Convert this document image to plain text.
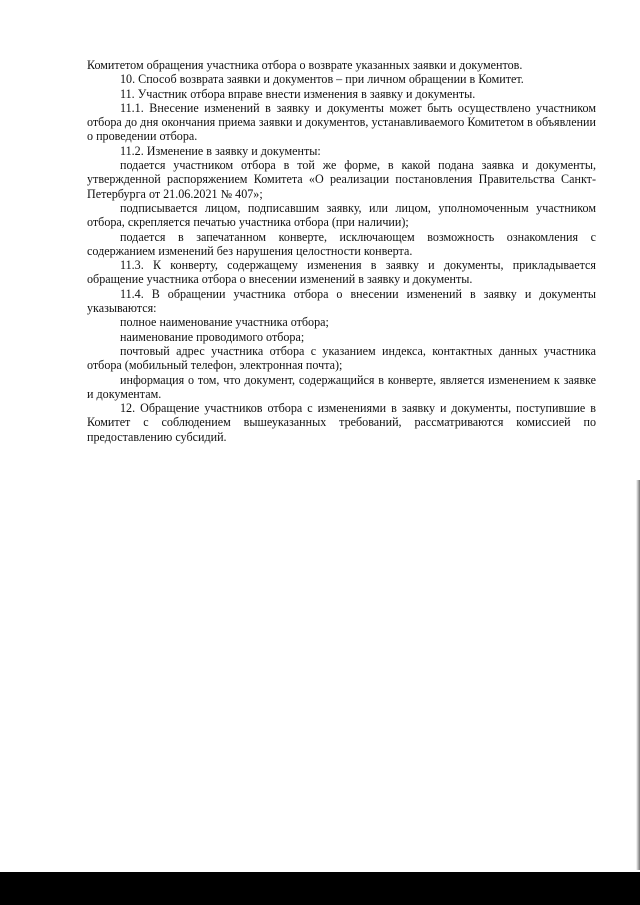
Комитетом обращения участника отбора о возврате указанных заявки и документов.

10. Способ возврата заявки и документов – при личном обращении в Комитет.

11. Участник отбора вправе внести изменения в заявку и документы.

11.1. Внесение изменений в заявку и документы может быть осуществлено участником отбора до дня окончания приема заявки и документов, устанавливаемого Комитетом в объявлении о проведении отбора.

11.2. Изменение в заявку и документы:

подается участником отбора в той же форме, в какой подана заявка и документы, утвержденной распоряжением Комитета «О реализации постановления Правительства Санкт-Петербурга от 21.06.2021 № 407»;

подписывается лицом, подписавшим заявку, или лицом, уполномоченным участником отбора, скрепляется печатью участника отбора (при наличии);

подается в запечатанном конверте, исключающем возможность ознакомления с содержанием изменений без нарушения целостности конверта.

11.3. К конверту, содержащему изменения в заявку и документы, прикладывается обращение участника отбора о внесении изменений в заявку и документы.

11.4. В обращении участника отбора о внесении изменений в заявку и документы указываются:

полное наименование участника отбора;

наименование проводимого отбора;

почтовый адрес участника отбора с указанием индекса, контактных данных участника отбора (мобильный телефон, электронная почта);

информация о том, что документ, содержащийся в конверте, является изменением к заявке и документам.

12. Обращение участников отбора с изменениями в заявку и документы, поступившие в Комитет с соблюдением вышеуказанных требований, рассматриваются комиссией по предоставлению субсидий.
